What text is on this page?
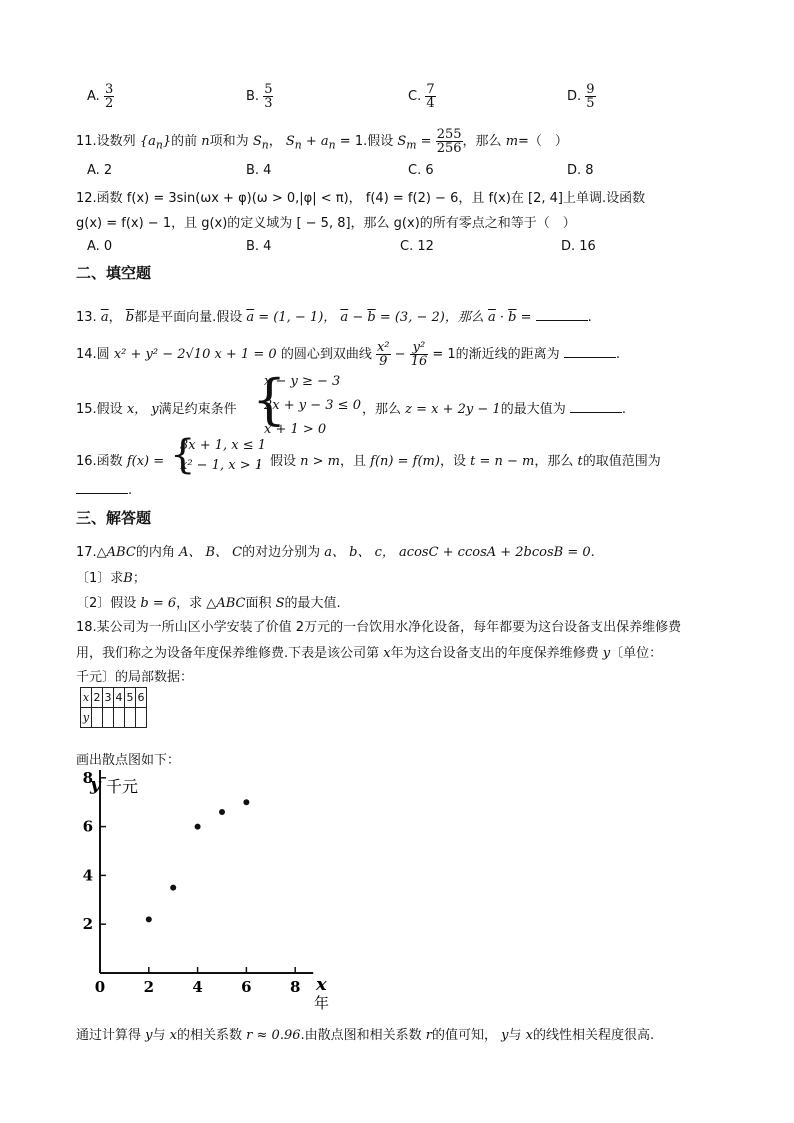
A. $\frac{3}{2}$	B. $\frac{5}{3}$	C. $\frac{7}{4}$	D. $\frac{9}{5}$
11.设数列 $\{a_n\}$的前 n项和为 $S_n$， $S_n + a_n = 1$.假设 $S_m = \frac{255}{256}$ ，那么 m=（　）
A. 2	B. 4	C. 6	D. 8
12.函数 f(x) = 3sin(ωx + φ)(ω > 0,|φ| < π)， f(4) = f(2) − 6，且 f(x)在 [2, 4]上单调.设函数
g(x) = f(x) − 1，且 g(x)的定义域为 [ − 5, 8]，那么 g(x)的所有零点之和等于（　）
A. 0	B. 4	C. 12	D. 16
二、填空题
13. $\overline{a}$， $\overline{b}$都是平面向量.假设 $\overline{a} = (1$, − 1)， $\overline{a} - \overline{b} = (3$, − 2)，那么 $\overline{a} \cdot \overline{b}$ =	.
14.圆 x² + y² − 2√10 x + 1 = 0 的圆心到双曲线 $\frac{\text{x²}}{9} - \frac{\text{y²}}{16} = 1$的渐近线的距离为	.
15.假设 x， y满足约束条件 {
x − y ≥ − 3
2x + y − 3 ≤ 0
x + 1 > 0
，那么 z = x + 2y − 1的最大值为	.
16.函数 f(x) = {
3x + 1, x ≤ 1
x² − 1, x > 1
，假设 n > m，且 f(n) = f(m)，设 t = n − m，那么 t的取值范围为
.
三、解答题
17.△ABC的内角 A、 B、 C的对边分别为 a、 b、 c， acosC + ccosA + 2bcosB = 0.
〔1〕求B；
〔2〕假设 b = 6，求 △ABC面积 S的最大值.
18.某公司为一所山区小学安装了价值 2万元的一台饮用水净化设备，每年都要为这台设备支出保养维修费
用，我们称之为设备年度保养维修费.下表是该公司第 x年为这台设备支出的年度保养维修费 y〔单位：
千元〕的局部数据：
x	2	3	4	5	6
y					
画出散点图如下：
0	2	4	6	8
2
4
6
8
y 千元
x
年
通过计算得 y与 x的相关系数 r ≈ 0.96.由散点图和相关系数 r的值可知， y与 x的线性相关程度很高.
